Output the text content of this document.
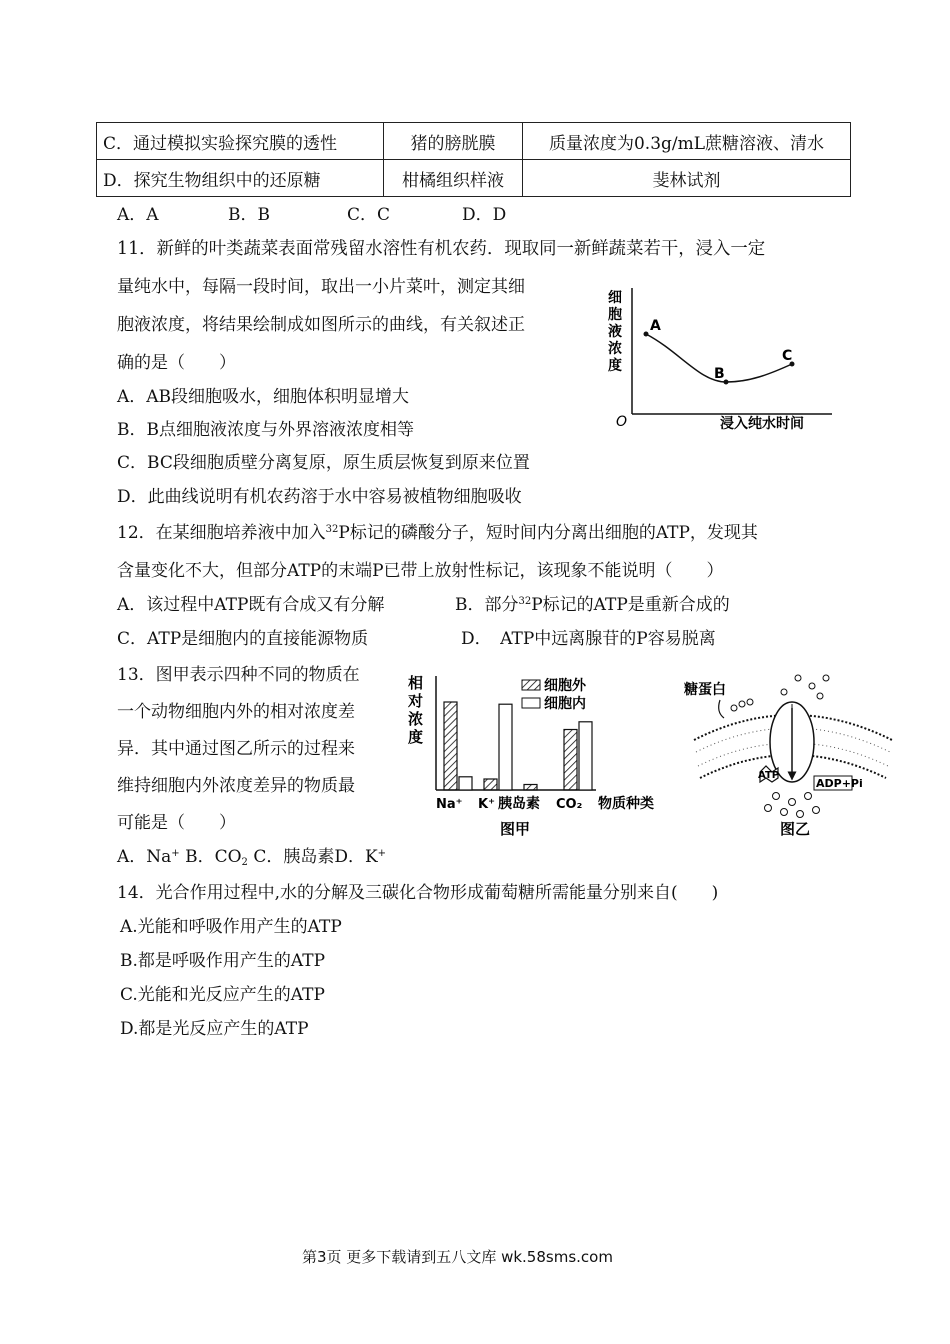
C．通过模拟实验探究膜的透性	猪的膀胱膜	质量浓度为0.3g/mL蔗糖溶液、清水
D．探究生物组织中的还原糖	柑橘组织样液	斐林试剂
A．A	B．B	C．C	D．D
11．新鲜的叶类蔬菜表面常残留水溶性有机农药．现取同一新鲜蔬菜若干，浸入一定
量纯水中，每隔一段时间，取出一小片菜叶，测定其细
胞液浓度，将结果绘制成如图所示的曲线，有关叙述正
确的是（　　）
A．AB段细胞吸水，细胞体积明显增大
B．B点细胞液浓度与外界溶液浓度相等
C．BC段细胞质壁分离复原，原生质层恢复到原来位置
D．此曲线说明有机农药溶于水中容易被植物细胞吸收
细
胞
液
浓
度
O	浸入纯水时间
A
B
C
12．在某细胞培养液中加入$^{32}$P标记的磷酸分子，短时间内分离出细胞的ATP，发现其
含量变化不大，但部分ATP的末端P已带上放射性标记，该现象不能说明（　　）
A．该过程中ATP既有合成又有分解	B．部分$^{32}$P标记的ATP是重新合成的
C．ATP是细胞内的直接能源物质	D．　ATP中远离腺苷的P容易脱离
13．图甲表示四种不同的物质在
一个动物细胞内外的相对浓度差
异．其中通过图乙所示的过程来
维持细胞内外浓度差异的物质最
可能是（　　）
A．Na+ B．$CO_2$ C．胰岛素D．K+
相
对
浓
度
细胞外
细胞内
Na⁺ K⁺ 胰岛素 CO₂ 物质种类
图甲
糖蛋白
ATP
ADP+Pi
图乙
14．光合作用过程中,水的分解及三碳化合物形成葡萄糖所需能量分别来自(　　)
A.光能和呼吸作用产生的ATP
B.都是呼吸作用产生的ATP
C.光能和光反应产生的ATP
D.都是光反应产生的ATP
第3页 更多下载请到五八文库 wk.58sms.com
